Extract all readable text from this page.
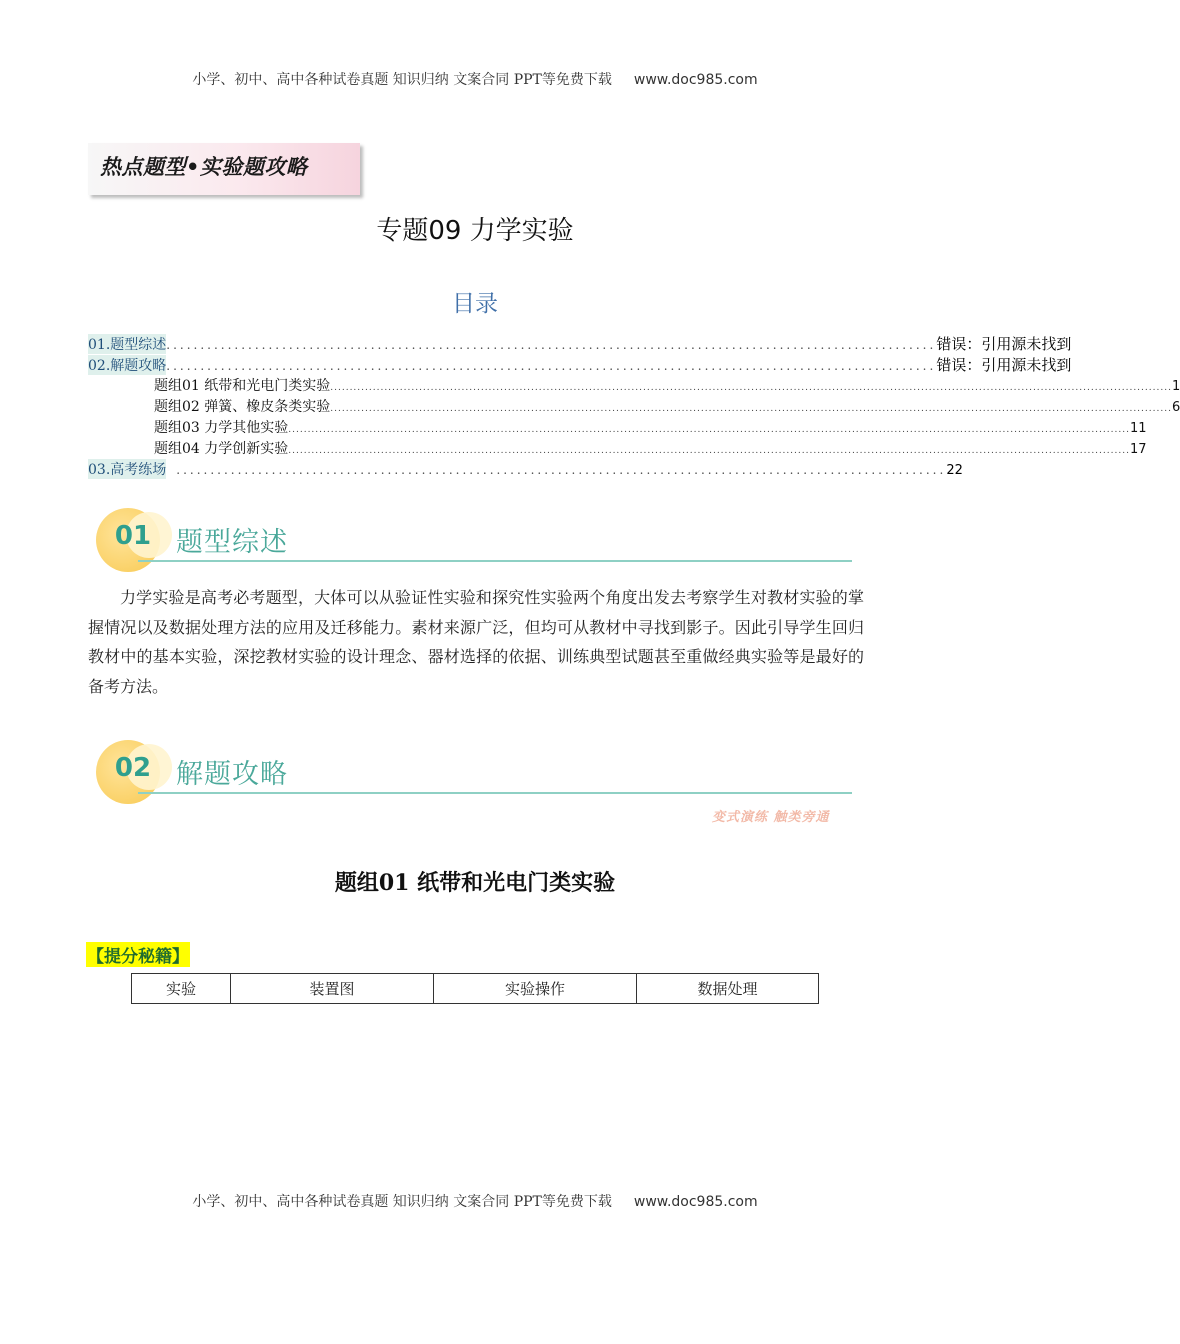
小学、初中、高中各种试卷真题 知识归纳 文案合同 PPT等免费下载 www.doc985.com
热点题型•实验题攻略
专题09 力学实验
目录
01.题型综述 ................................................................................................................. 错误：引用源未找到
02.解题攻略 ................................................................................................................. 错误：引用源未找到
题组01 纸带和光电门类实验 .......................................................................................................................................................................................................................... 1
题组02 弹簧、橡皮条类实验 .......................................................................................................................................................................................................................... 6
题组03 力学其他实验 .......................................................................................................................................................................................................................... 11
题组04 力学创新实验 .......................................................................................................................................................................................................................... 17
03.高考练场 ................................................................................................................. 22
01 题型综述
力学实验是高考必考题型，大体可以从验证性实验和探究性实验两个角度出发去考察学生对教材实验的掌握情况以及数据处理方法的应用及迁移能力。素材来源广泛，但均可从教材中寻找到影子。因此引导学生回归教材中的基本实验，深挖教材实验的设计理念、器材选择的依据、训练典型试题甚至重做经典实验等是最好的备考方法。
02 解题攻略
变式演练 触类旁通
题组01 纸带和光电门类实验
【提分秘籍】
实验	装置图	实验操作	数据处理
小学、初中、高中各种试卷真题 知识归纳 文案合同 PPT等免费下载 www.doc985.com
